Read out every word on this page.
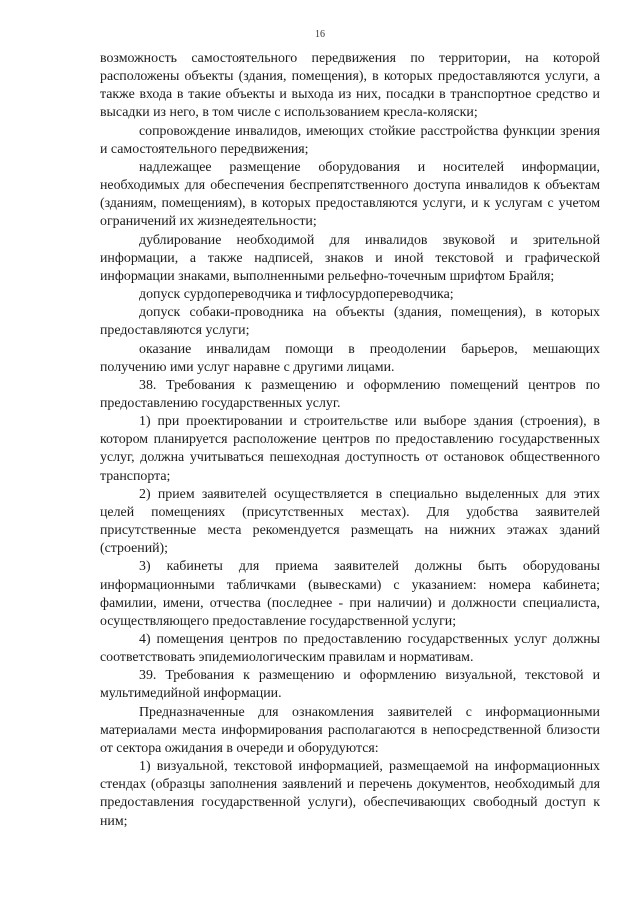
16

возможность самостоятельного передвижения по территории, на которой расположены объекты (здания, помещения), в которых предоставляются услуги, а также входа в такие объекты и выхода из них, посадки в транспортное средство и высадки из него, в том числе с использованием кресла-коляски;

сопровождение инвалидов, имеющих стойкие расстройства функции зрения и самостоятельного передвижения;

надлежащее размещение оборудования и носителей информации, необходимых для обеспечения беспрепятственного доступа инвалидов к объектам (зданиям, помещениям), в которых предоставляются услуги, и к услугам с учетом ограничений их жизнедеятельности;

дублирование необходимой для инвалидов звуковой и зрительной информации, а также надписей, знаков и иной текстовой и графической информации знаками, выполненными рельефно-точечным шрифтом Брайля;

допуск сурдопереводчика и тифлосурдопереводчика;

допуск собаки-проводника на объекты (здания, помещения), в которых предоставляются услуги;

оказание инвалидам помощи в преодолении барьеров, мешающих получению ими услуг наравне с другими лицами.

38. Требования к размещению и оформлению помещений центров по предоставлению государственных услуг.

1) при проектировании и строительстве или выборе здания (строения), в котором планируется расположение центров по предоставлению государственных услуг, должна учитываться пешеходная доступность от остановок общественного транспорта;

2) прием заявителей осуществляется в специально выделенных для этих целей помещениях (присутственных местах). Для удобства заявителей присутственные места рекомендуется размещать на нижних этажах зданий (строений);

3) кабинеты для приема заявителей должны быть оборудованы информационными табличками (вывесками) с указанием: номера кабинета; фамилии, имени, отчества (последнее - при наличии) и должности специалиста, осуществляющего предоставление государственной услуги;

4) помещения центров по предоставлению государственных услуг должны соответствовать эпидемиологическим правилам и нормативам.

39. Требования к размещению и оформлению визуальной, текстовой и мультимедийной информации.

Предназначенные для ознакомления заявителей с информационными материалами места информирования располагаются в непосредственной близости от сектора ожидания в очереди и оборудуются:

1) визуальной, текстовой информацией, размещаемой на информационных стендах (образцы заполнения заявлений и перечень документов, необходимый для предоставления государственной услуги), обеспечивающих свободный доступ к ним;
